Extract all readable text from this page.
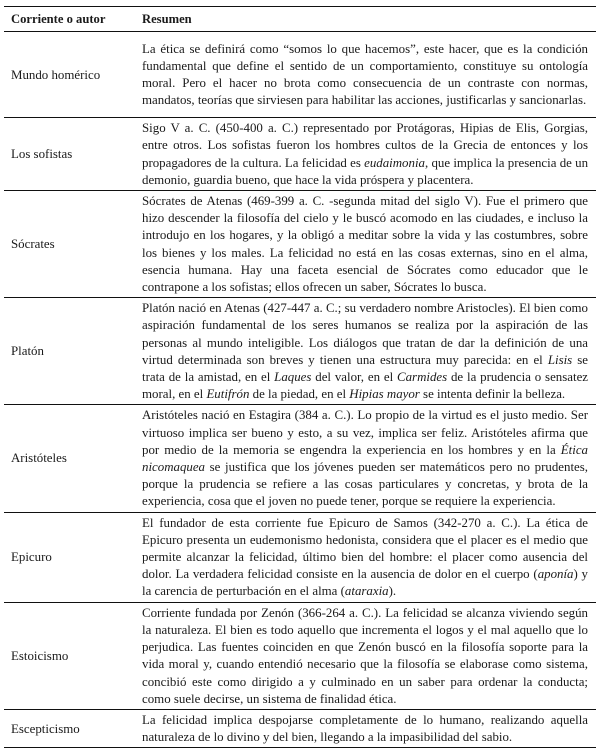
Corriente o autor	Resumen
Mundo homérico	La ética se definirá como “somos lo que hacemos”, este hacer, que es la condición fundamental que define el sentido de un comportamiento, constituye su ontología moral. Pero el hacer no brota como consecuencia de un contraste con normas, mandatos, teorías que sirviesen para habilitar las acciones, justificarlas y sancionarlas.
Los sofistas	Sigo V a. C. (450-400 a. C.) representado por Protágoras, Hipias de Elis, Gorgias, entre otros. Los sofistas fueron los hombres cultos de la Grecia de entonces y los propagadores de la cultura. La felicidad es eudaimonia, que implica la presencia de un demonio, guardia bueno, que hace la vida próspera y placentera.
Sócrates	Sócrates de Atenas (469-399 a. C. -segunda mitad del siglo V). Fue el primero que hizo descender la filosofía del cielo y le buscó acomodo en las ciudades, e incluso la introdujo en los hogares, y la obligó a meditar sobre la vida y las costumbres, sobre los bienes y los males. La felicidad no está en las cosas externas, sino en el alma, esencia humana. Hay una faceta esencial de Sócrates como educador que le contrapone a los sofistas; ellos ofrecen un saber, Sócrates lo busca.
Platón	Platón nació en Atenas (427-447 a. C.; su verdadero nombre Aristocles). El bien como aspiración fundamental de los seres humanos se realiza por la aspiración de las personas al mundo inteligible. Los diálogos que tratan de dar la definición de una virtud determinada son breves y tienen una estructura muy parecida: en el Lisis se trata de la amistad, en el Laques del valor, en el Carmides de la prudencia o sensatez moral, en el Eutifrón de la piedad, en el Hipias mayor se intenta definir la belleza.
Aristóteles	Aristóteles nació en Estagira (384 a. C.). Lo propio de la virtud es el justo medio. Ser virtuoso implica ser bueno y esto, a su vez, implica ser feliz. Aristóteles afirma que por medio de la memoria se engendra la experiencia en los hombres y en la Ética nicomaquea se justifica que los jóvenes pueden ser matemáticos pero no prudentes, porque la prudencia se refiere a las cosas particulares y concretas, y brota de la experiencia, cosa que el joven no puede tener, porque se requiere la experiencia.
Epicuro	El fundador de esta corriente fue Epicuro de Samos (342-270 a. C.). La ética de Epicuro presenta un eudemonismo hedonista, considera que el placer es el medio que permite alcanzar la felicidad, último bien del hombre: el placer como ausencia del dolor. La verdadera felicidad consiste en la ausencia de dolor en el cuerpo (aponía) y la carencia de perturbación en el alma (ataraxia).
Estoicismo	Corriente fundada por Zenón (366-264 a. C.). La felicidad se alcanza viviendo según la naturaleza. El bien es todo aquello que incrementa el logos y el mal aquello que lo perjudica. Las fuentes coinciden en que Zenón buscó en la filosofía soporte para la vida moral y, cuando entendió necesario que la filosofía se elaborase como sistema, concibió este como dirigido a y culminado en un saber para ordenar la conducta; como suele decirse, un sistema de finalidad ética.
Escepticismo	La felicidad implica despojarse completamente de lo humano, realizando aquella naturaleza de lo divino y del bien, llegando a la impasibilidad del sabio.
